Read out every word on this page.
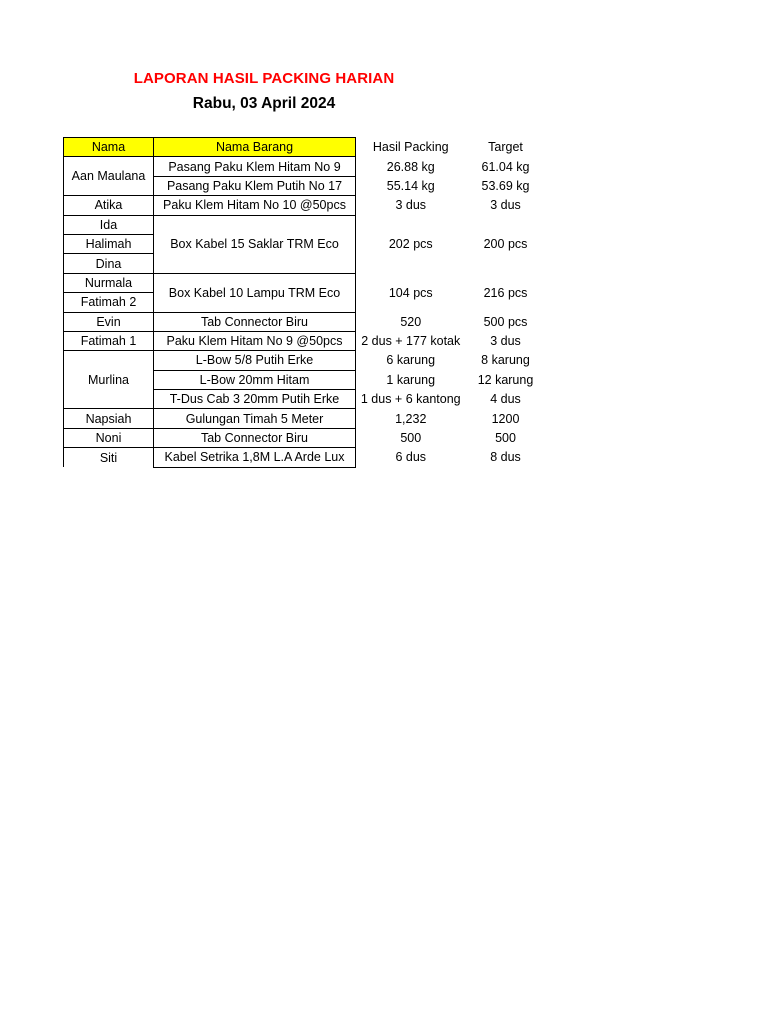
LAPORAN HASIL PACKING HARIAN
Rabu, 03 April 2024
Nama	Nama Barang	Hasil Packing	Target
Aan Maulana	Pasang Paku Klem Hitam No 9	26.88 kg	61.04 kg
	Pasang Paku Klem Putih No 17	55.14 kg	53.69 kg
Atika	Paku Klem Hitam No 10 @50pcs	3 dus	3 dus
Ida	Box Kabel 15 Saklar TRM Eco	202 pcs	200 pcs
Halimah			
Dina			
Nurmala	Box Kabel 10 Lampu TRM Eco	104 pcs	216 pcs
Fatimah 2			
Evin	Tab Connector Biru	520	500 pcs
Fatimah 1	Paku Klem Hitam No 9 @50pcs	2 dus + 177 kotak	3 dus
Murlina	L-Bow 5/8 Putih Erke	6 karung	8 karung
	L-Bow 20mm Hitam	1 karung	12 karung
	T-Dus Cab 3 20mm Putih Erke	1 dus + 6 kantong	4 dus
Napsiah	Gulungan Timah 5 Meter	1,232	1200
Noni	Tab Connector Biru	500	500
Siti	Kabel Setrika 1,8M L.A Arde Lux	6 dus	8 dus
